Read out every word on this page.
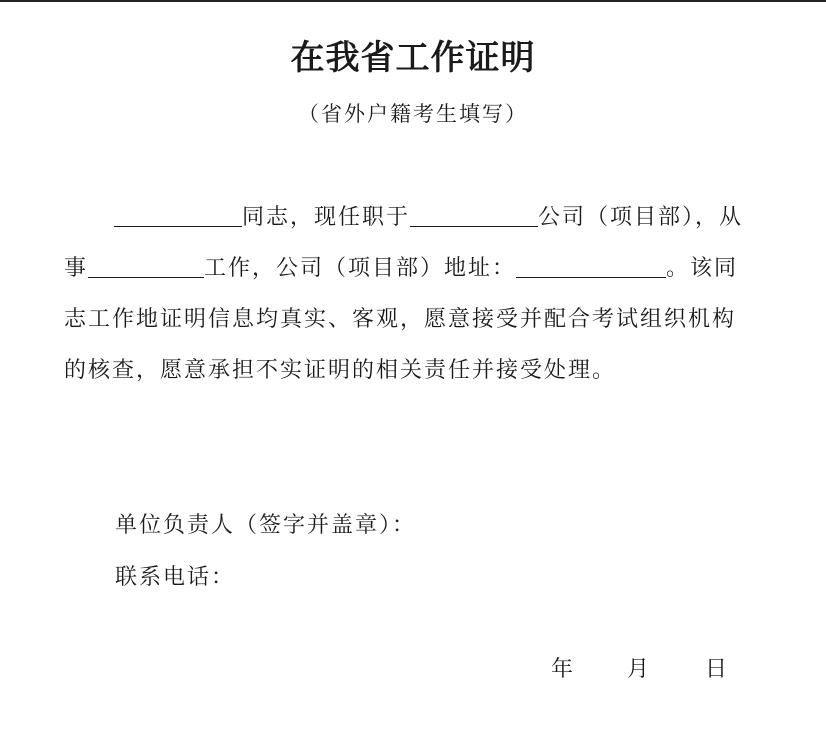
在我省工作证明
（省外户籍考生填写）
同志，现任职于	公司（项目部），从
事	工作，公司（项目部）地址：	。该同
志工作地证明信息均真实、客观，愿意接受并配合考试组织机构
的核查，愿意承担不实证明的相关责任并接受处理。
单位负责人（签字并盖章）：
联系电话：
年 月	日
